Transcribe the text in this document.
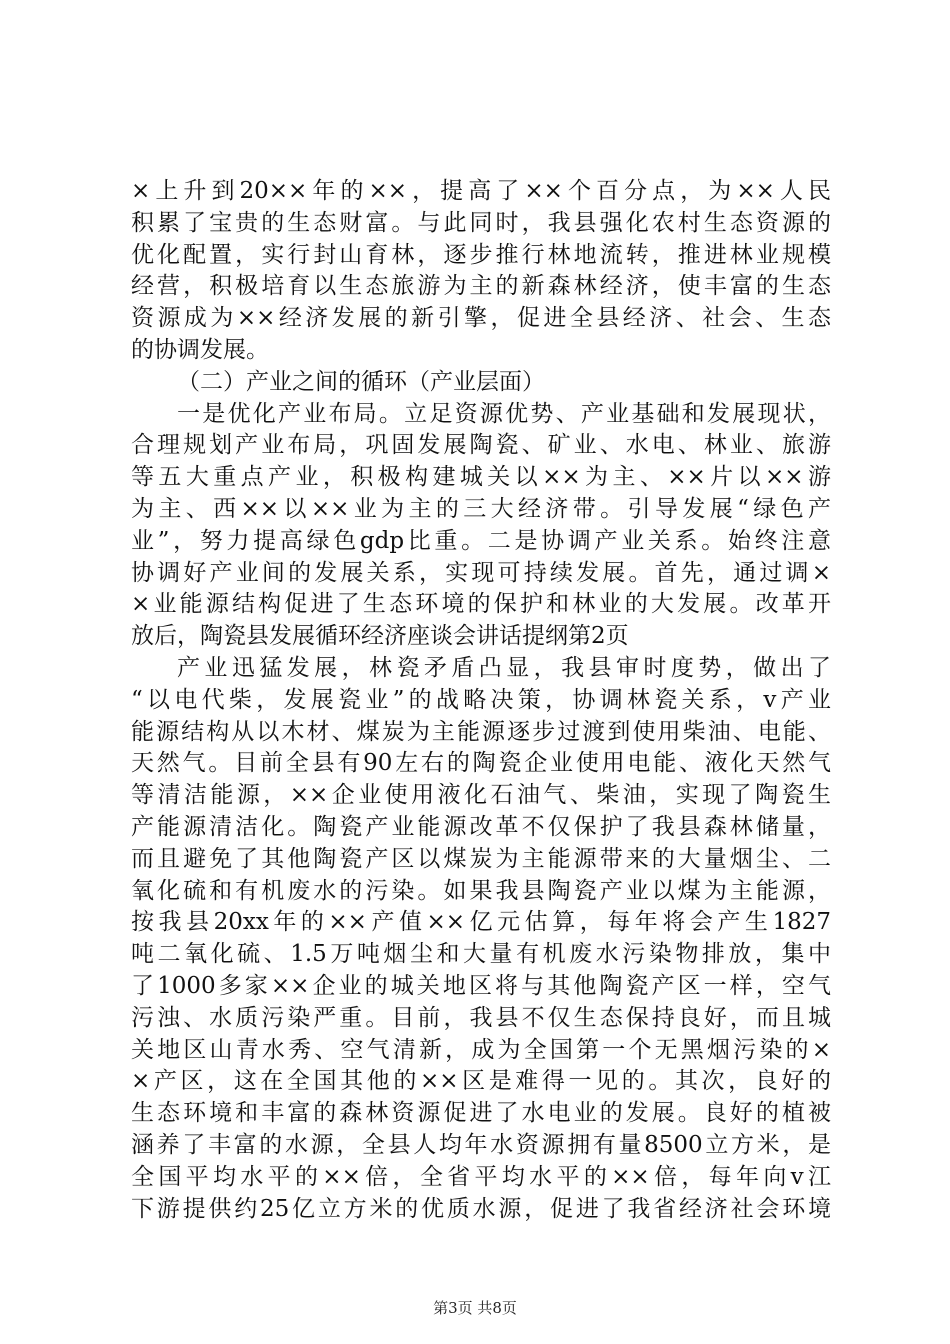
×上升到20××年的××，提高了××个百分点，为××人民
积累了宝贵的生态财富。与此同时，我县强化农村生态资源的
优化配置，实行封山育林，逐步推行林地流转，推进林业规模
经营，积极培育以生态旅游为主的新森林经济，使丰富的生态
资源成为××经济发展的新引擎，促进全县经济、社会、生态
的协调发展。
（二）产业之间的循环（产业层面）
一是优化产业布局。立足资源优势、产业基础和发展现状，
合理规划产业布局，巩固发展陶瓷、矿业、水电、林业、旅游
等五大重点产业，积极构建城关以××为主、××片以××游
为主、西××以××业为主的三大经济带。引导发展“绿色产
业”，努力提高绿色gdp比重。二是协调产业关系。始终注意
协调好产业间的发展关系，实现可持续发展。首先，通过调×
×业能源结构促进了生态环境的保护和林业的大发展。改革开
放后，陶瓷县发展循环经济座谈会讲话提纲第2页
产业迅猛发展，林瓷矛盾凸显，我县审时度势，做出了
“以电代柴，发展瓷业”的战略决策，协调林瓷关系，v产业
能源结构从以木材、煤炭为主能源逐步过渡到使用柴油、电能、
天然气。目前全县有90左右的陶瓷企业使用电能、液化天然气
等清洁能源，××企业使用液化石油气、柴油，实现了陶瓷生
产能源清洁化。陶瓷产业能源改革不仅保护了我县森林储量，
而且避免了其他陶瓷产区以煤炭为主能源带来的大量烟尘、二
氧化硫和有机废水的污染。如果我县陶瓷产业以煤为主能源，
按我县20xx年的××产值××亿元估算，每年将会产生1827
吨二氧化硫、1.5万吨烟尘和大量有机废水污染物排放，集中
了1000多家××企业的城关地区将与其他陶瓷产区一样，空气
污浊、水质污染严重。目前，我县不仅生态保持良好，而且城
关地区山青水秀、空气清新，成为全国第一个无黑烟污染的×
×产区，这在全国其他的××区是难得一见的。其次，良好的
生态环境和丰富的森林资源促进了水电业的发展。良好的植被
涵养了丰富的水源，全县人均年水资源拥有量8500立方米，是
全国平均水平的××倍，全省平均水平的××倍，每年向v江
下游提供约25亿立方米的优质水源，促进了我省经济社会环境
第3页 共8页
